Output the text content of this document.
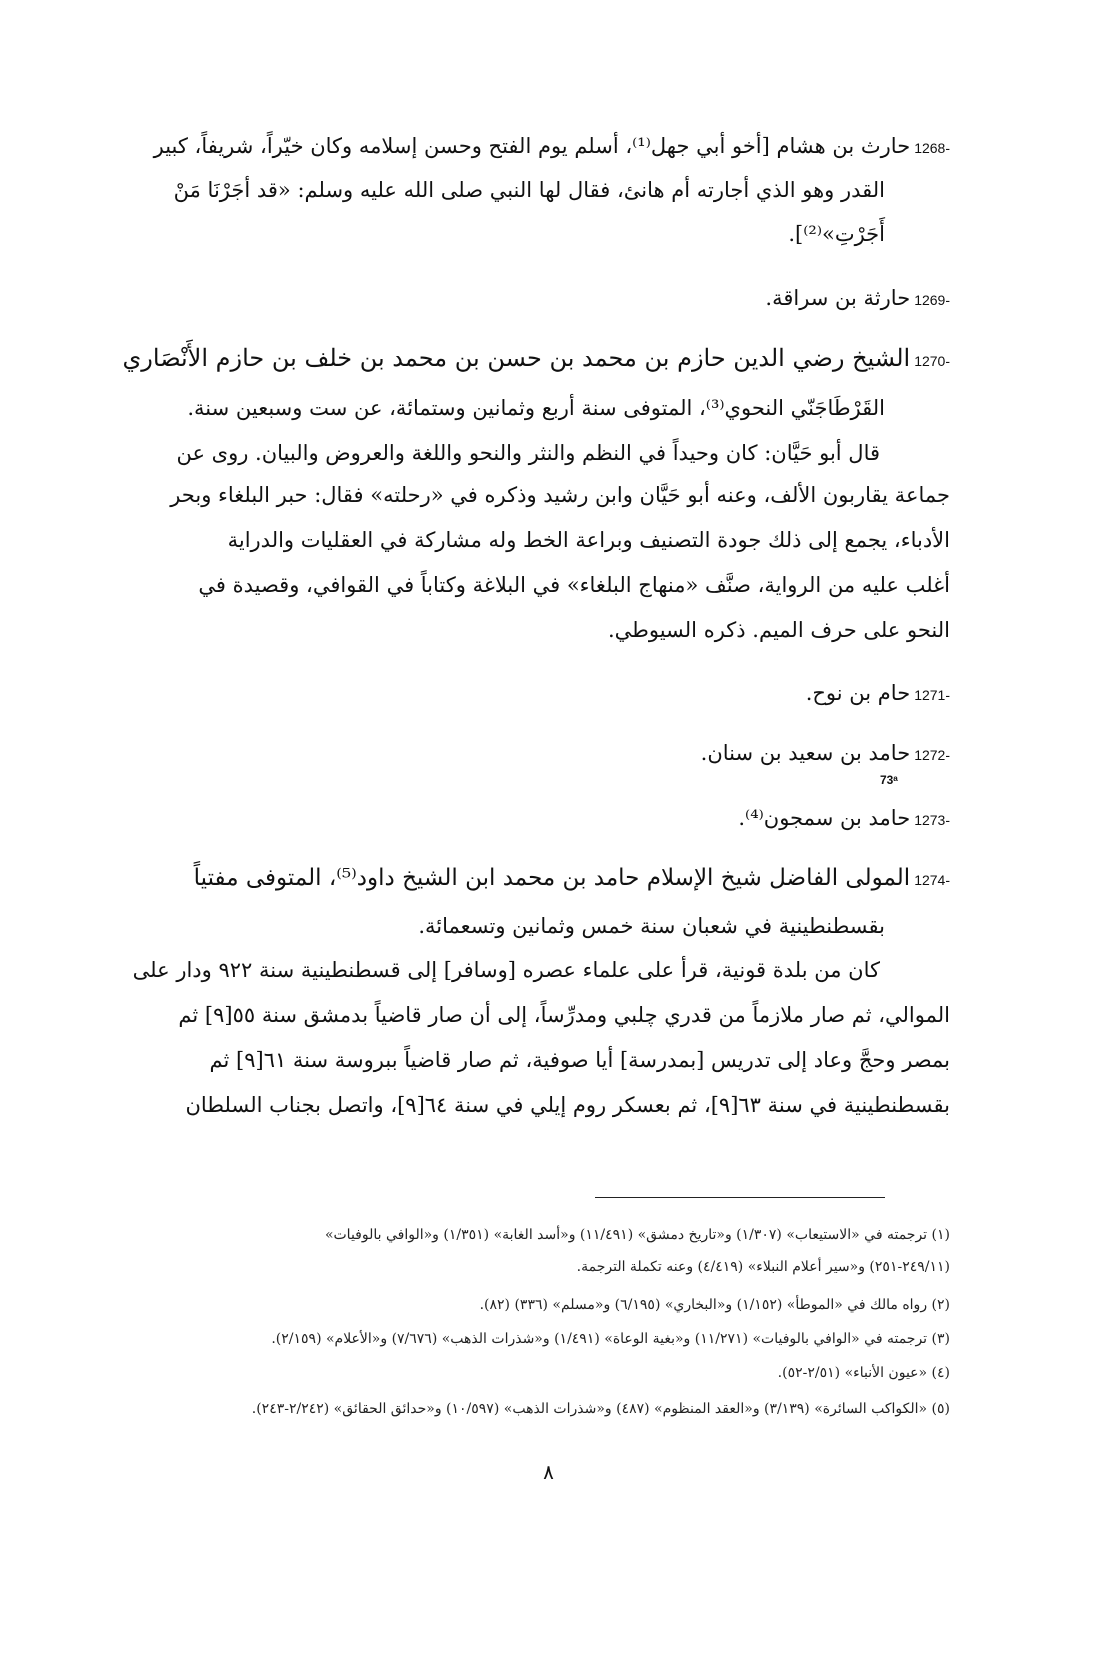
1268-حارث بن هشام [أخو أبي جهل⁽¹⁾، أسلم يوم الفتح وحسن إسلامه وكان خيّراً، شريفاً، كبير
القدر وهو الذي أجارته أم هانئ، فقال لها النبي صلى الله عليه وسلم: «قد أجَرْنَا مَنْ
أَجَرْتِ»⁽²⁾].
1269-حارثة بن سراقة.
1270-الشيخ رضي الدين حازم بن محمد بن حسن بن محمد بن خلف بن حازم الأَنْصَاري
القَرْطَاجَنّي النحوي⁽³⁾، المتوفى سنة أربع وثمانين وستمائة، عن ست وسبعين سنة.
قال أبو حَيَّان: كان وحيداً في النظم والنثر والنحو واللغة والعروض والبيان. روى عن
جماعة يقاربون الألف، وعنه أبو حَيَّان وابن رشيد وذكره في «رحلته» فقال: حبر البلغاء وبحر
الأدباء، يجمع إلى ذلك جودة التصنيف وبراعة الخط وله مشاركة في العقليات والدراية
أغلب عليه من الرواية، صنَّف «منهاج البلغاء» في البلاغة وكتاباً في القوافي، وقصيدة في
النحو على حرف الميم. ذكره السيوطي.
1271-حام بن نوح.
1272-حامد بن سعيد بن سنان.
73ᵃ
1273-حامد بن سمجون⁽⁴⁾.
1274-المولى الفاضل شيخ الإسلام حامد بن محمد ابن الشيخ داود⁽⁵⁾، المتوفى مفتياً
بقسطنطينية في شعبان سنة خمس وثمانين وتسعمائة.
كان من بلدة قونية، قرأ على علماء عصره [وسافر] إلى قسطنطينية سنة ٩٢٢ ودار على
الموالي، ثم صار ملازماً من قدري چلبي ومدرِّساً، إلى أن صار قاضياً بدمشق سنة ٥٥[٩] ثم
بمصر وحجَّ وعاد إلى تدريس [بمدرسة] أيا صوفية، ثم صار قاضياً ببروسة سنة ٦١[٩] ثم
بقسطنطينية في سنة ٦٣[٩]، ثم بعسكر روم إيلي في سنة ٦٤[٩]، واتصل بجناب السلطان
(١) ترجمته في «الاستيعاب» (١/٣٠٧) و«تاريخ دمشق» (١١/٤٩١) و«أسد الغابة» (١/٣٥١) و«الوافي بالوفيات»
(٢٤٩/١١-٢٥١) و«سير أعلام النبلاء» (٤/٤١٩) وعنه تكملة الترجمة.
(٢) رواه مالك في «الموطأ» (١/١٥٢) و«البخاري» (٦/١٩٥) و«مسلم» (٣٣٦) (٨٢).
(٣) ترجمته في «الوافي بالوفيات» (١١/٢٧١) و«بغية الوعاة» (١/٤٩١) و«شذرات الذهب» (٧/٦٧٦) و«الأعلام» (٢/١٥٩).
(٤) «عيون الأنباء» (٢/٥١-٥٢).
(٥) «الكواكب السائرة» (٣/١٣٩) و«العقد المنظوم» (٤٨٧) و«شذرات الذهب» (١٠/٥٩٧) و«حدائق الحقائق» (٢/٢٤٢-٢٤٣).
٨
